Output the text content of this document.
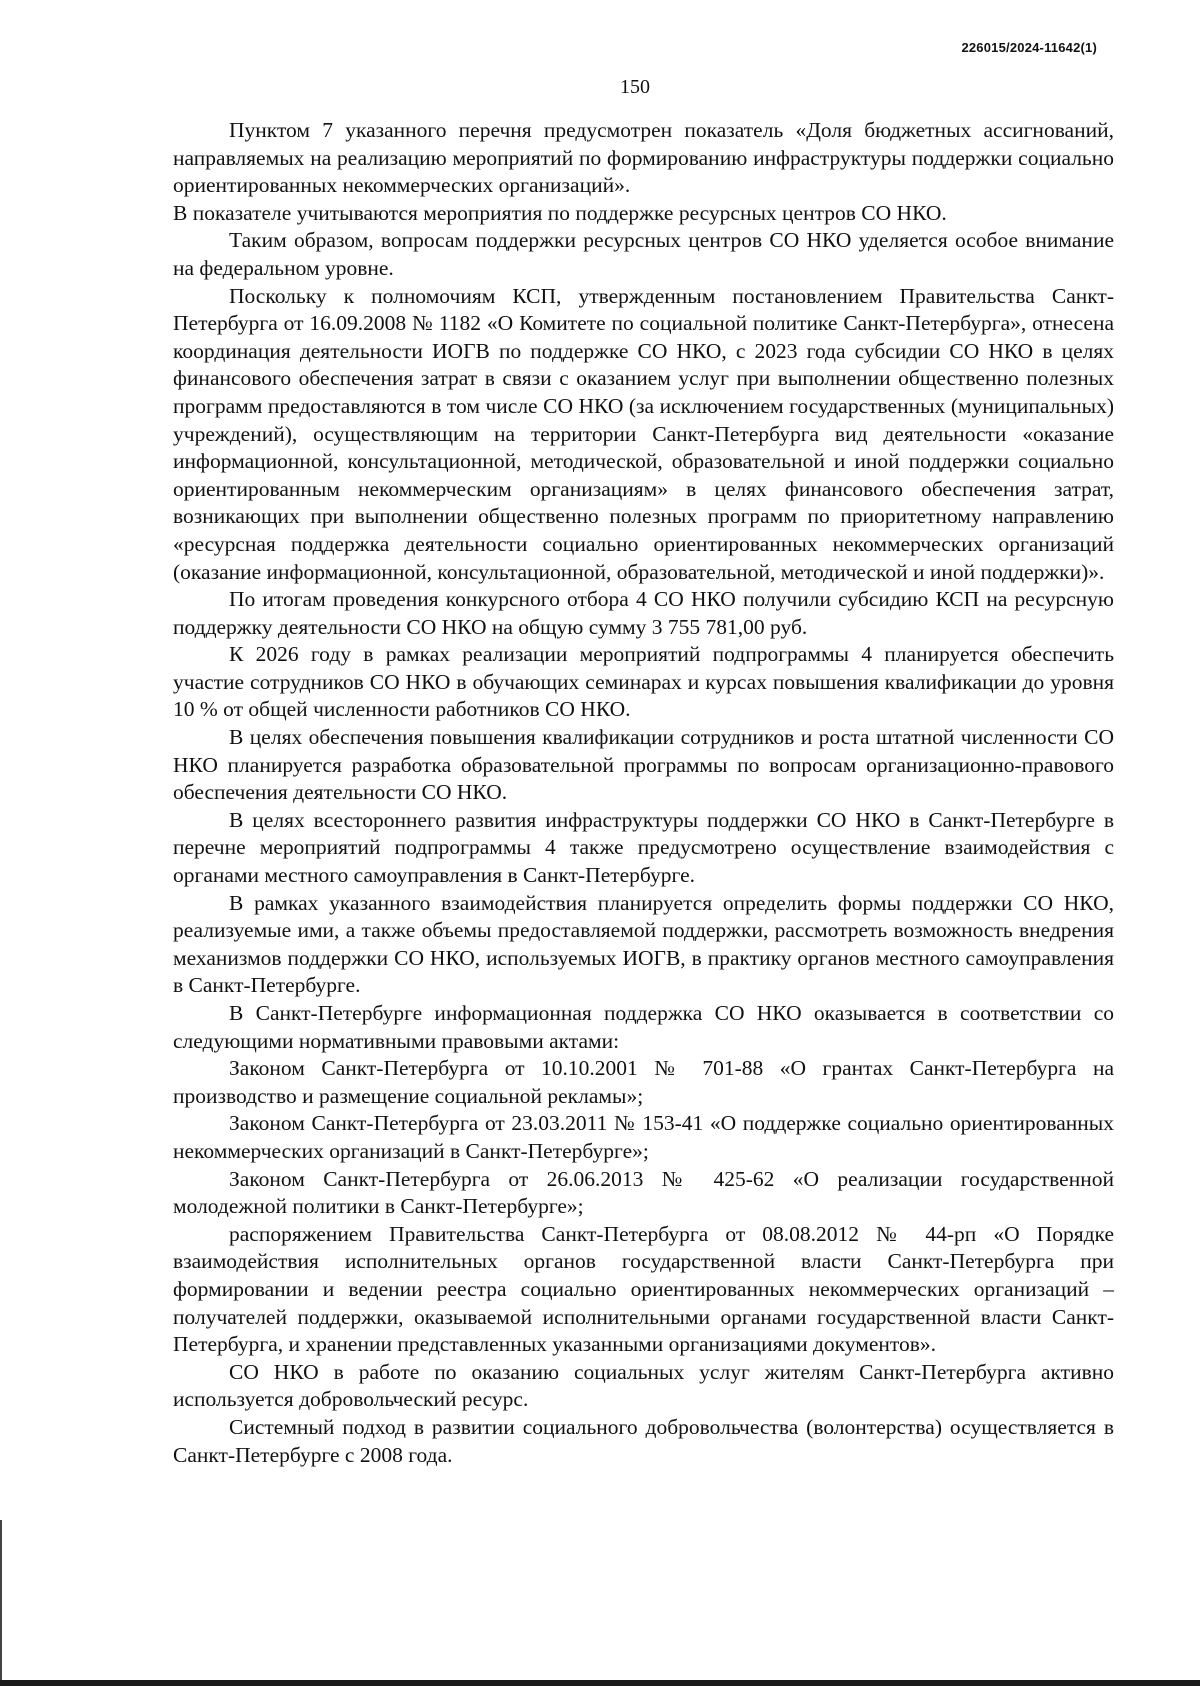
226015/2024-11642(1)
150

Пунктом 7 указанного перечня предусмотрен показатель «Доля бюджетных ассигнований, направляемых на реализацию мероприятий по формированию инфраструктуры поддержки социально ориентированных некоммерческих организаций».

В показателе учитываются мероприятия по поддержке ресурсных центров СО НКО.

Таким образом, вопросам поддержки ресурсных центров СО НКО уделяется особое внимание на федеральном уровне.

Поскольку к полномочиям КСП, утвержденным постановлением Правительства Санкт-Петербурга от 16.09.2008 № 1182 «О Комитете по социальной политике Санкт-Петербурга», отнесена координация деятельности ИОГВ по поддержке СО НКО, с 2023 года субсидии СО НКО в целях финансового обеспечения затрат в связи с оказанием услуг при выполнении общественно полезных программ предоставляются в том числе СО НКО (за исключением государственных (муниципальных) учреждений), осуществляющим на территории Санкт-Петербурга вид деятельности «оказание информационной, консультационной, методической, образовательной и иной поддержки социально ориентированным некоммерческим организациям» в целях финансового обеспечения затрат, возникающих при выполнении общественно полезных программ по приоритетному направлению «ресурсная поддержка деятельности социально ориентированных некоммерческих организаций (оказание информационной, консультационной, образовательной, методической и иной поддержки)».

По итогам проведения конкурсного отбора 4 СО НКО получили субсидию КСП на ресурсную поддержку деятельности СО НКО на общую сумму 3 755 781,00 руб.

К 2026 году в рамках реализации мероприятий подпрограммы 4 планируется обеспечить участие сотрудников СО НКО в обучающих семинарах и курсах повышения квалификации до уровня 10 % от общей численности работников СО НКО.

В целях обеспечения повышения квалификации сотрудников и роста штатной численности СО НКО планируется разработка образовательной программы по вопросам организационно-правового обеспечения деятельности СО НКО.

В целях всестороннего развития инфраструктуры поддержки СО НКО в Санкт-Петербурге в перечне мероприятий подпрограммы 4 также предусмотрено осуществление взаимодействия с органами местного самоуправления в Санкт-Петербурге.

В рамках указанного взаимодействия планируется определить формы поддержки СО НКО, реализуемые ими, а также объемы предоставляемой поддержки, рассмотреть возможность внедрения механизмов поддержки СО НКО, используемых ИОГВ, в практику органов местного самоуправления в Санкт-Петербурге.

В Санкт-Петербурге информационная поддержка СО НКО оказывается в соответствии со следующими нормативными правовыми актами:

Законом Санкт-Петербурга от 10.10.2001 № 701-88 «О грантах Санкт-Петербурга на производство и размещение социальной рекламы»;

Законом Санкт-Петербурга от 23.03.2011 № 153-41 «О поддержке социально ориентированных некоммерческих организаций в Санкт-Петербурге»;

Законом Санкт-Петербурга от 26.06.2013 № 425-62 «О реализации государственной молодежной политики в Санкт-Петербурге»;

распоряжением Правительства Санкт-Петербурга от 08.08.2012 № 44-рп «О Порядке взаимодействия исполнительных органов государственной власти Санкт-Петербурга при формировании и ведении реестра социально ориентированных некоммерческих организаций – получателей поддержки, оказываемой исполнительными органами государственной власти Санкт-Петербурга, и хранении представленных указанными организациями документов».

СО НКО в работе по оказанию социальных услуг жителям Санкт-Петербурга активно используется добровольческий ресурс.

Системный подход в развитии социального добровольчества (волонтерства) осуществляется в Санкт-Петербурге с 2008 года.
